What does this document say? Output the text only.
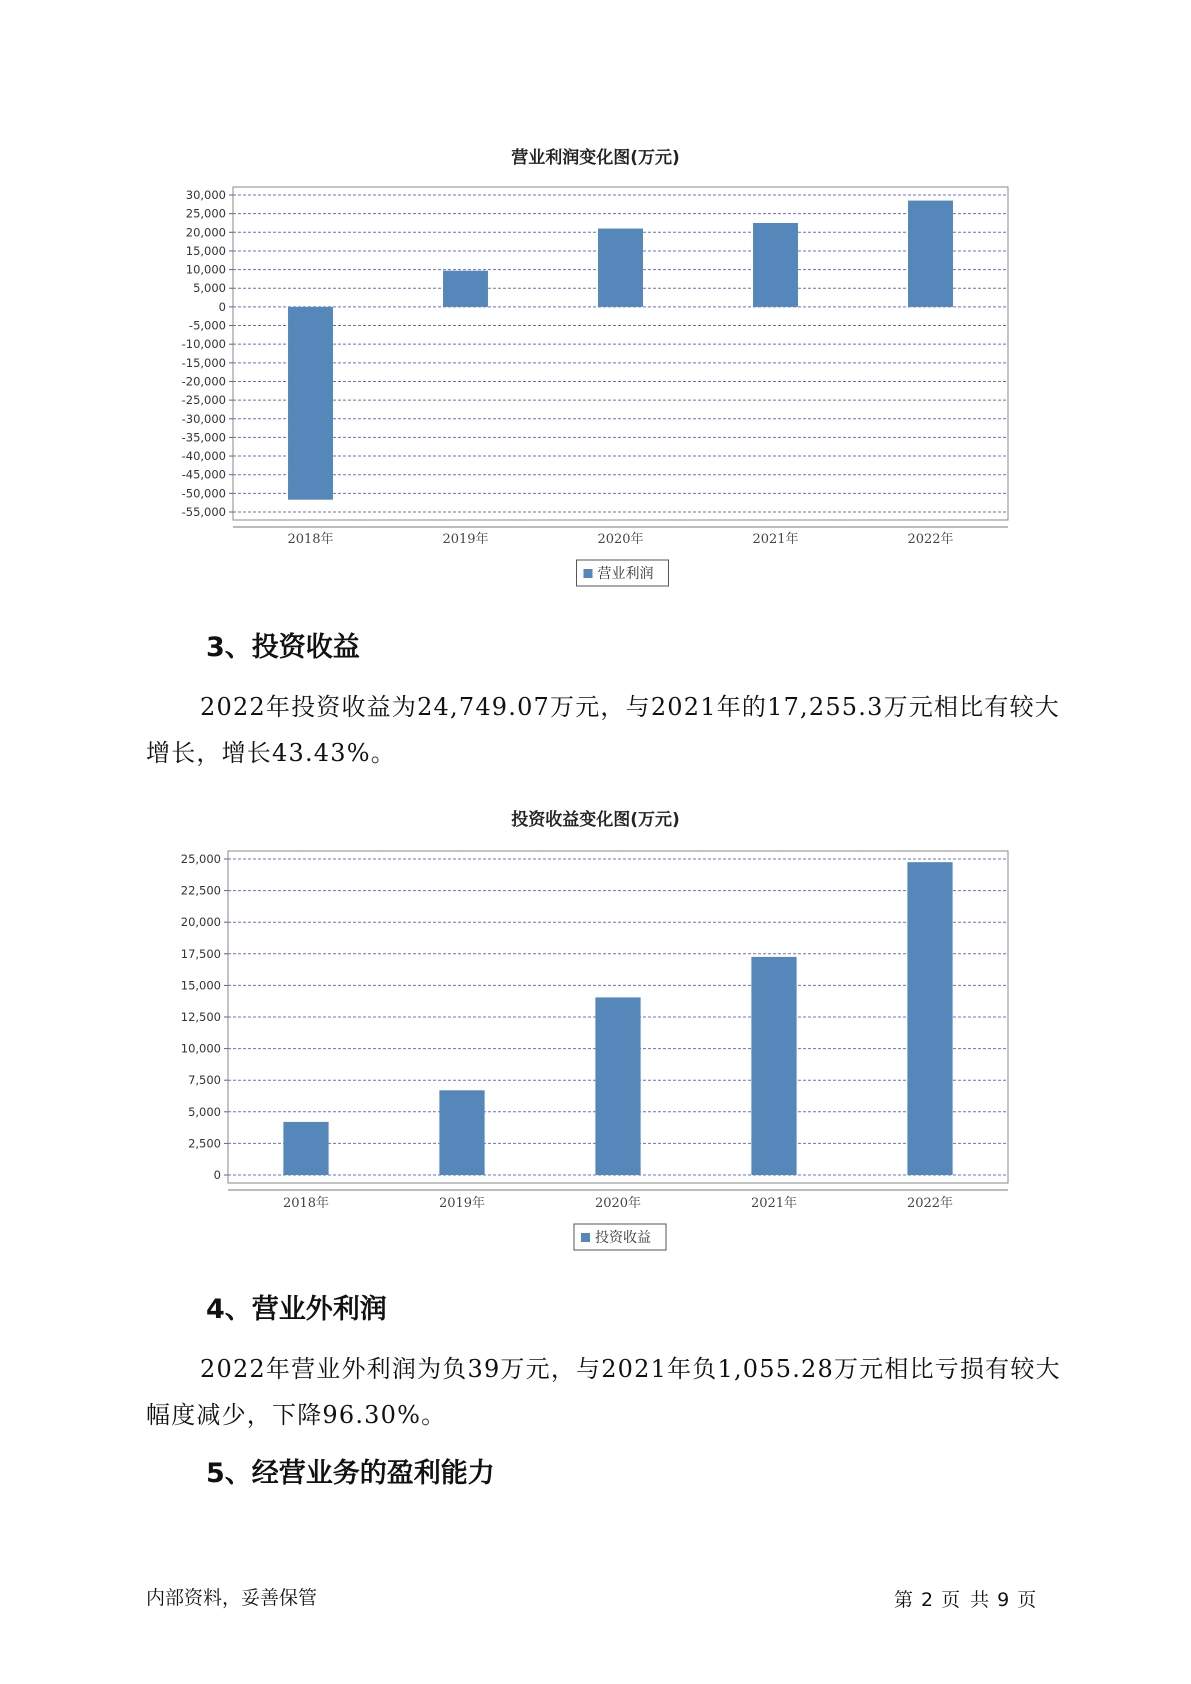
营业利润变化图(万元)
30,000
25,000
20,000
15,000
10,000
5,000
0
-5,000
-10,000
-15,000
-20,000
-25,000
-30,000
-35,000
-40,000
-45,000
-50,000
-55,000
2018年	2019年	2020年	2021年	2022年
营业利润
3、投资收益

2022年投资收益为24,749.07万元，与2021年的17,255.3万元相比有较大增长，增长43.43%。

投资收益变化图(万元)
25,000
22,500
20,000
17,500
15,000
12,500
10,000
7,500
5,000
2,500
0
2018年	2019年	2020年	2021年	2022年
投资收益
4、营业外利润

2022年营业外利润为负39万元，与2021年负1,055.28万元相比亏损有较大幅度减少，下降96.30%。

5、经营业务的盈利能力
内部资料，妥善保管	第 2 页 共 9 页
